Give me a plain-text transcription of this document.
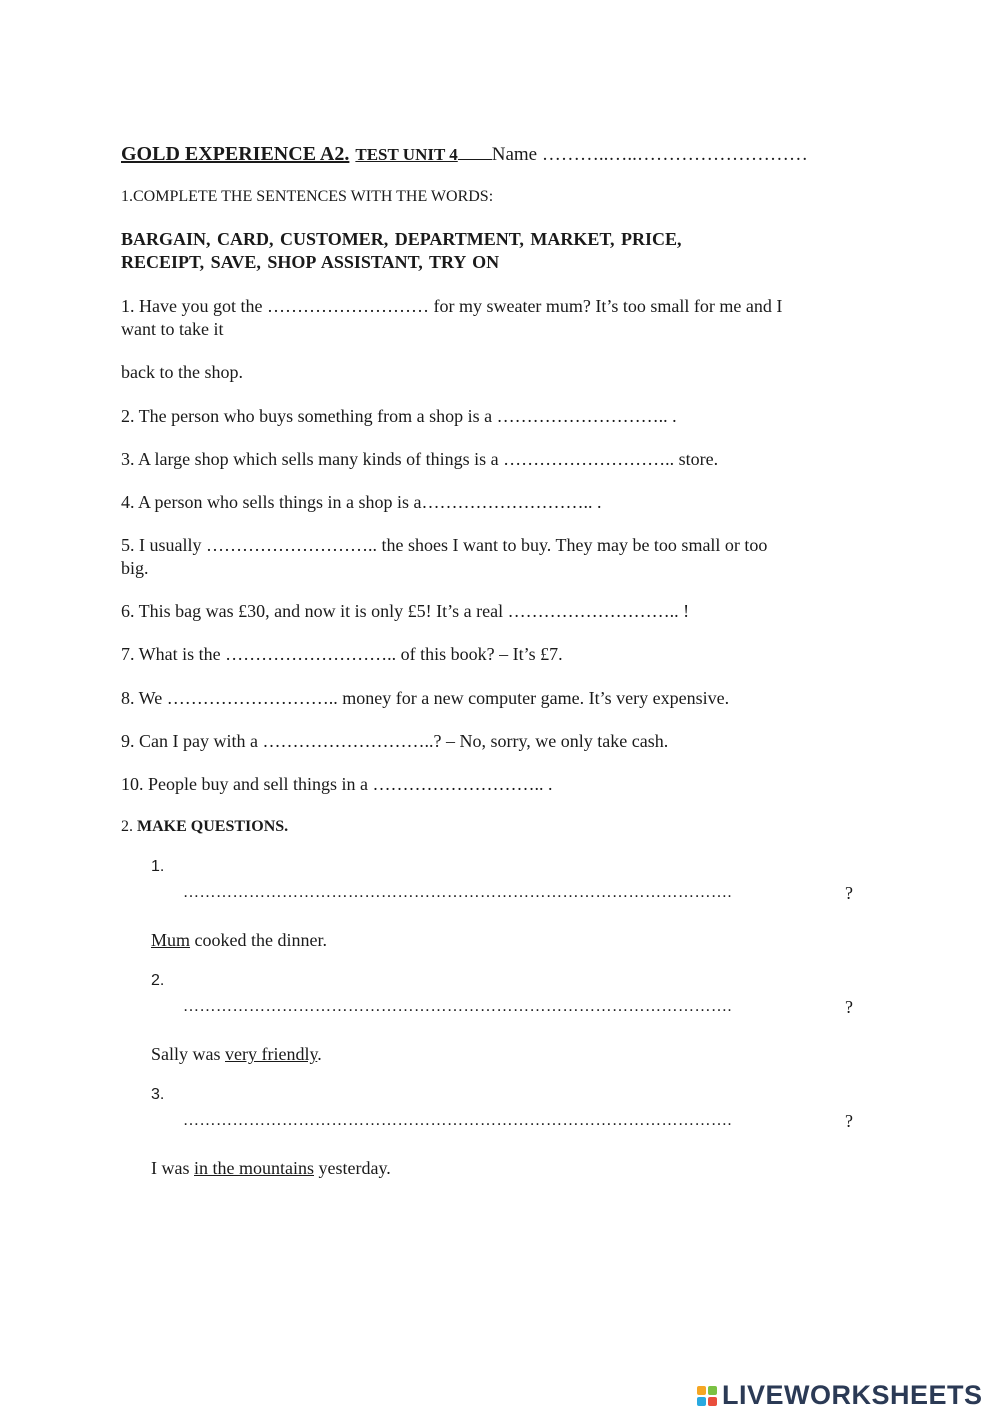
GOLD EXPERIENCE A2. TEST UNIT 4 Name ………..…..………………………

1.COMPLETE THE SENTENCES WITH THE WORDS:

BARGAIN, CARD, CUSTOMER, DEPARTMENT, MARKET, PRICE,

RECEIPT, SAVE, SHOP ASSISTANT, TRY ON

1. Have you got the ……………………… for my sweater mum? It’s too small for me and I

want to take it

back to the shop.

2. The person who buys something from a shop is a ……………………….. .

3. A large shop which sells many kinds of things is a ……………………….. store.

4. A person who sells things in a shop is a……………………….. .

5. I usually ……………………….. the shoes I want to buy. They may be too small or too

big.

6. This bag was £30, and now it is only £5! It’s a real ……………………….. !

7. What is the ……………………….. of this book? – It’s £7.

8. We ……………………….. money for a new computer game. It’s very expensive.

9. Can I pay with a ………………………..? – No, sorry, we only take cash.

10. People buy and sell things in a ……………………….. .

2. MAKE QUESTIONS.

1.

……………………………………………………………………………………….	?

Mum cooked the dinner.

2.

……………………………………………………………………………………….	?

Sally was very friendly.

3.

……………………………………………………………………………………….	?

I was in the mountains yesterday.

LIVEWORKSHEETS
